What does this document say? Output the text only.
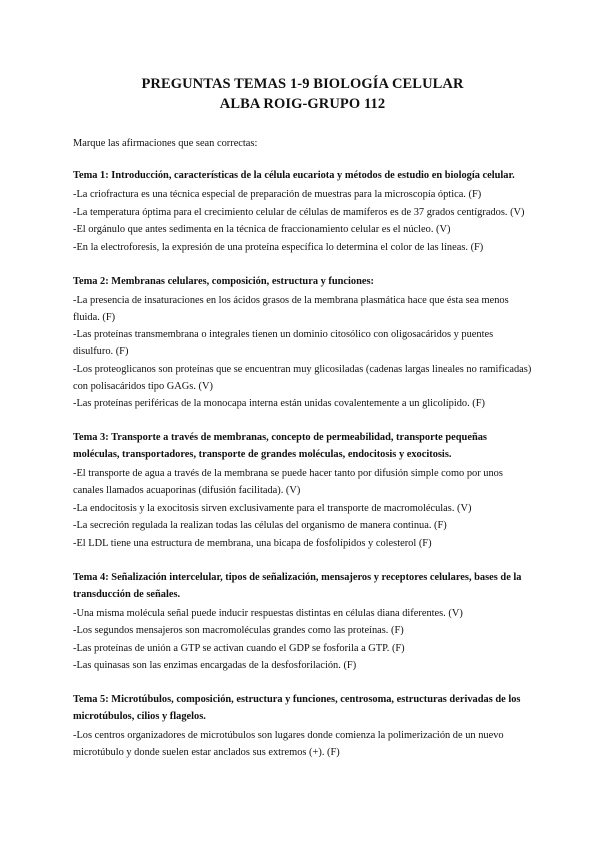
PREGUNTAS TEMAS 1-9 BIOLOGÍA CELULAR
ALBA ROIG-GRUPO 112

Marque las afirmaciones que sean correctas:

Tema 1: Introducción, características de la célula eucariota y métodos de estudio en biología celular.

-La criofractura es una técnica especial de preparación de muestras para la microscopía óptica. (F)

-La temperatura óptima para el crecimiento celular de células de mamíferos es de 37 grados centígrados. (V)

-El orgánulo que antes sedimenta en la técnica de fraccionamiento celular es el núcleo. (V)

-En la electroforesis, la expresión de una proteína específica lo determina el color de las líneas. (F)

Tema 2: Membranas celulares, composición, estructura y funciones:

-La presencia de insaturaciones en los ácidos grasos de la membrana plasmática hace que ésta sea menos fluida. (F)

-Las proteínas transmembrana o integrales tienen un dominio citosólico con oligosacáridos y puentes disulfuro. (F)

-Los proteoglicanos son proteínas que se encuentran muy glicosiladas (cadenas largas lineales no ramificadas) con polisacáridos tipo GAGs. (V)

-Las proteínas periféricas de la monocapa interna están unidas covalentemente a un glicolípido. (F)

Tema 3: Transporte a través de membranas, concepto de permeabilidad, transporte pequeñas moléculas, transportadores, transporte de grandes moléculas, endocitosis y exocitosis.

-El transporte de agua a través de la membrana se puede hacer tanto por difusión simple como por unos canales llamados acuaporinas (difusión facilitada). (V)

-La endocitosis y la exocitosis sirven exclusivamente para el transporte de macromoléculas. (V)

-La secreción regulada la realizan todas las células del organismo de manera continua. (F)

-El LDL tiene una estructura de membrana, una bicapa de fosfolípidos y colesterol (F)

Tema 4: Señalización intercelular, tipos de señalización, mensajeros y receptores celulares, bases de la transducción de señales.

-Una misma molécula señal puede inducir respuestas distintas en células diana diferentes. (V)

-Los segundos mensajeros son macromoléculas grandes como las proteínas. (F)

-Las proteínas de unión a GTP se activan cuando el GDP se fosforila a GTP. (F)

-Las quinasas son las enzimas encargadas de la desfosforilación. (F)

Tema 5: Microtúbulos, composición, estructura y funciones, centrosoma, estructuras derivadas de los microtúbulos, cilios y flagelos.

-Los centros organizadores de microtúbulos son lugares donde comienza la polimerización de un nuevo microtúbulo y donde suelen estar anclados sus extremos (+). (F)
